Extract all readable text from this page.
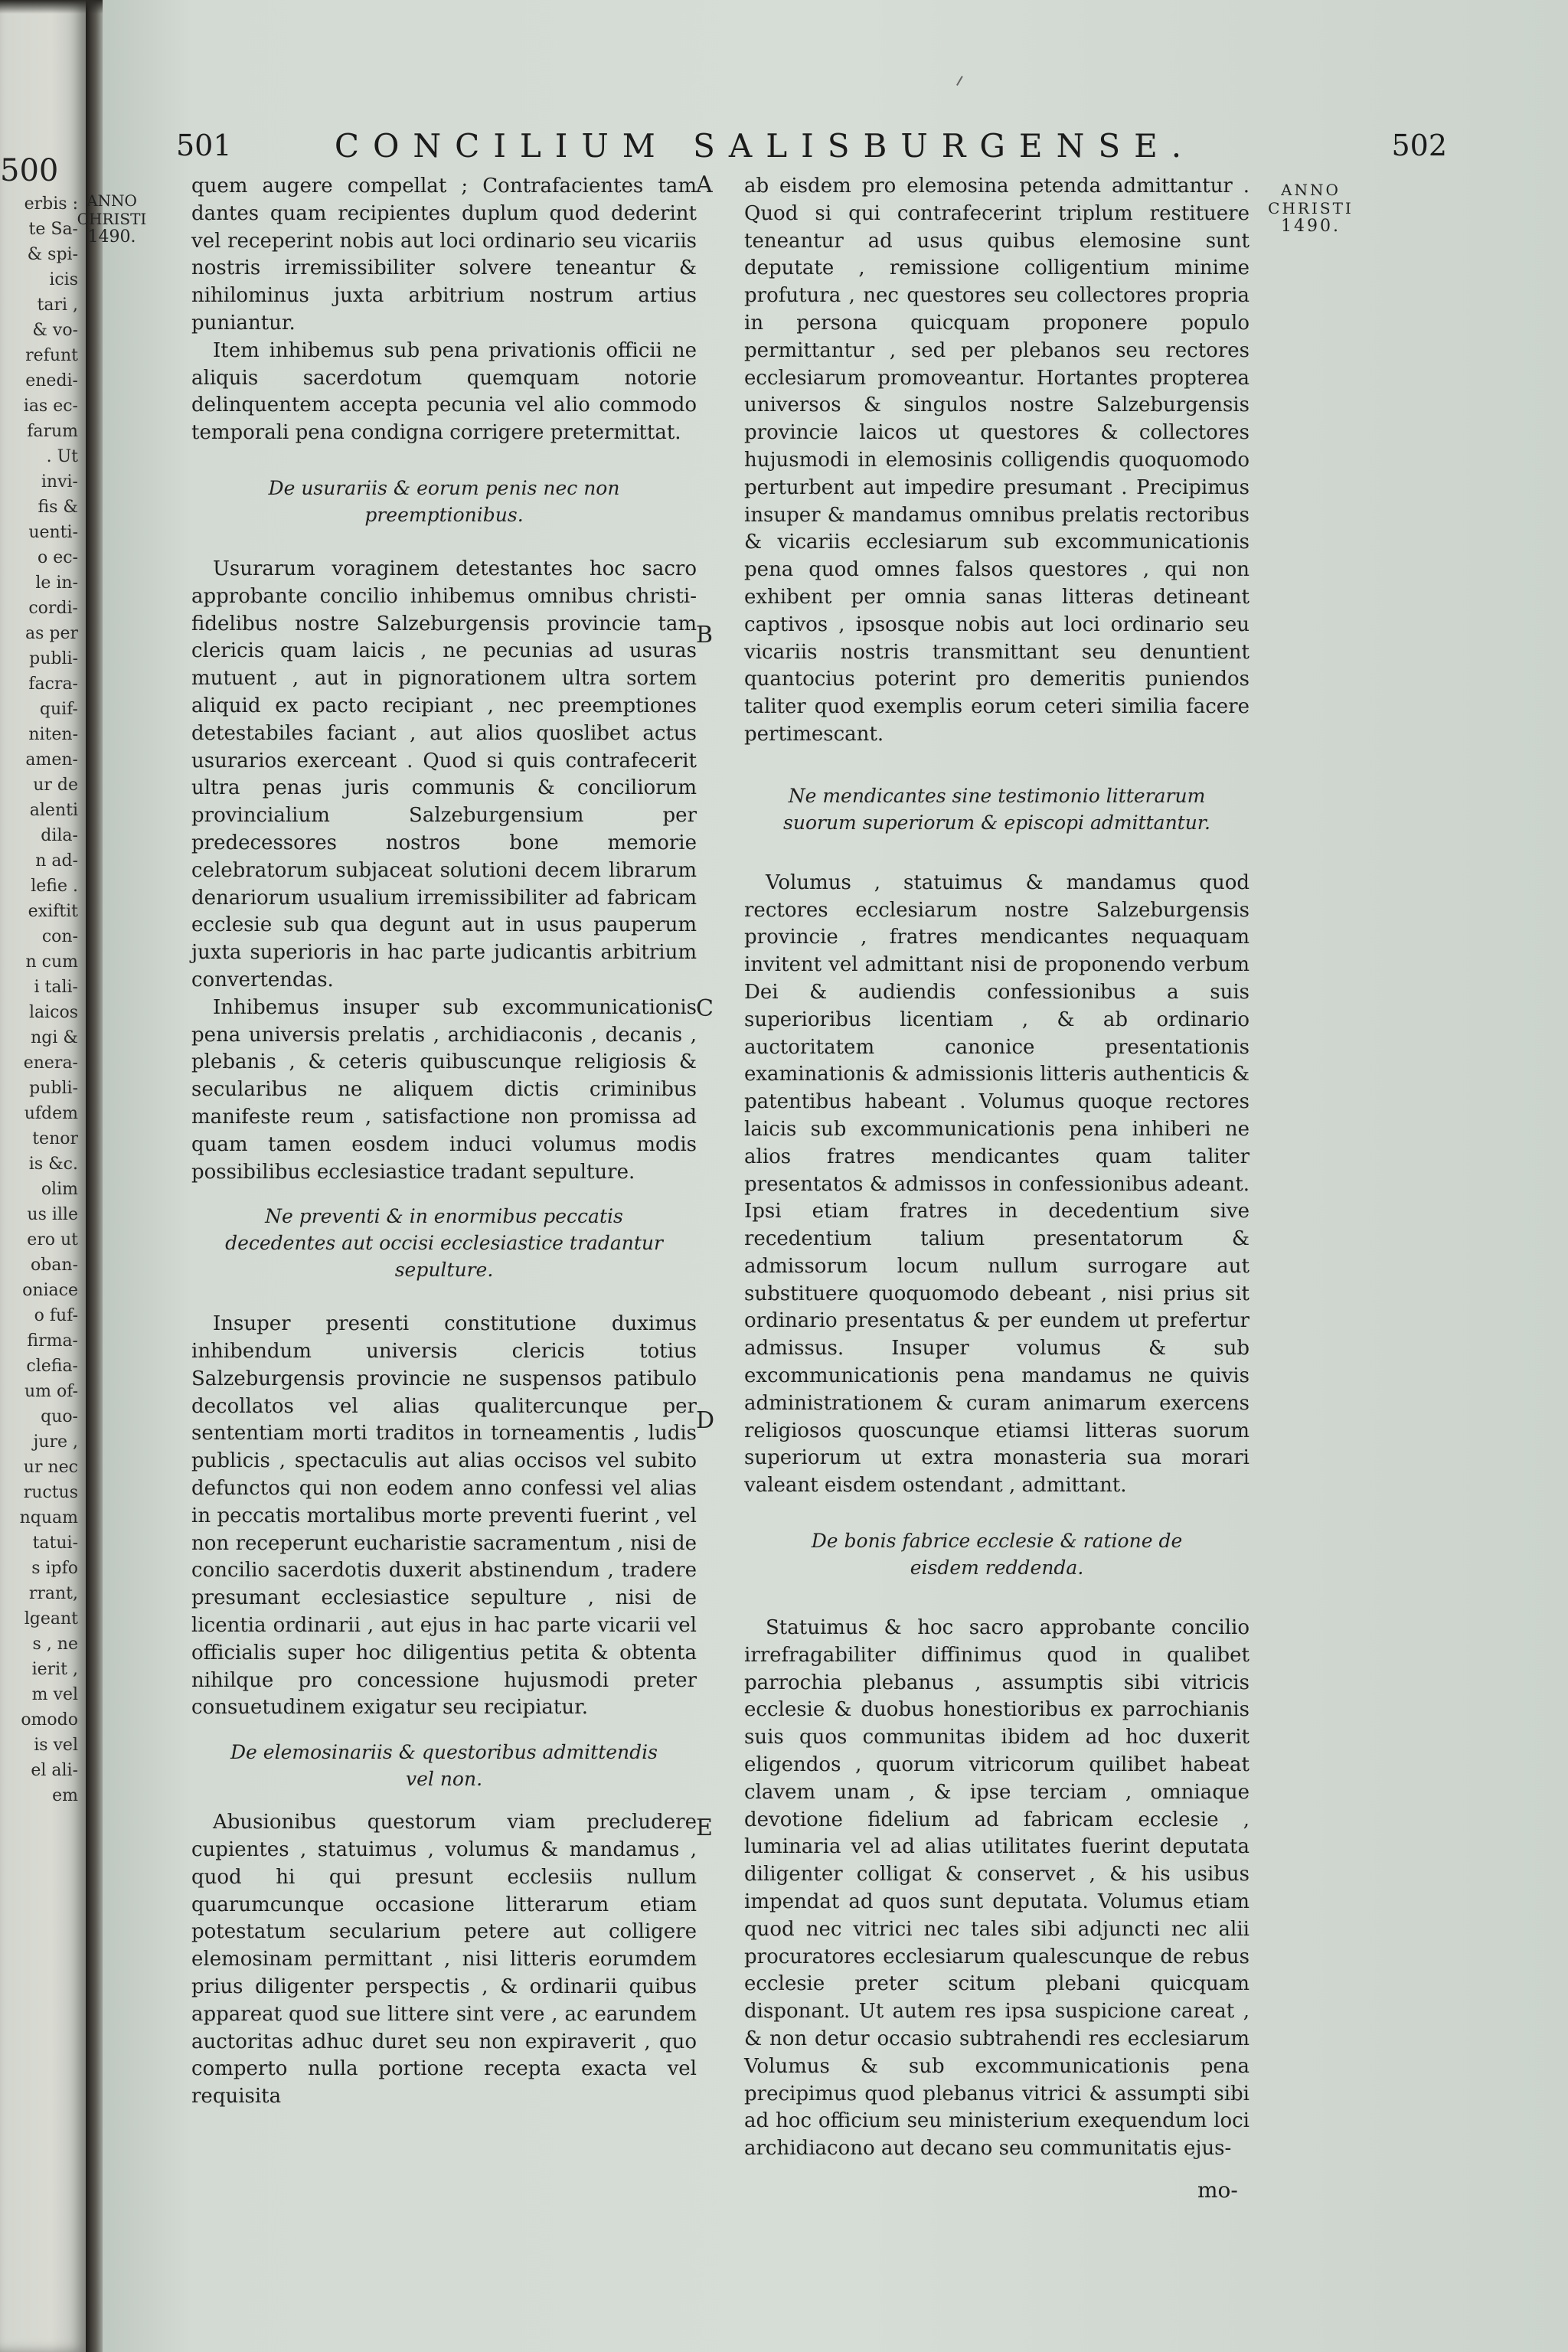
500
erbis :
te Sa-
& spi-
icis
tari ,
& vo-
refunt
enedi-
ias ec-
farum
. Ut
invi-
fis &
uenti-
o ec-
le in-
cordi-
as per
publi-
facra-
quif-
niten-
amen-
ur de
alenti
dila-
n ad-
lefie .
exiftit
con-
n cum
i tali-
laicos
ngi &
enera-
publi-
ufdem
tenor
is &c.
olim
us ille
ero ut
oban-
oniace
o fuf-
firma-
clefia-
um of-
quo-
jure ,
ur nec
ructus
nquam
tatui-
s ipfo
rrant,
lgeant
s , ne
ierit ,
m vel
omodo
is vel
el ali-
em
501	CONCILIUM SALISBURGENSE.	502
ANNO
CHRISTI
1490.
ANNO
CHRISTI
1490.
A
B
C
D
E

quem augere compellat ; Contrafacientes tam dantes quam recipientes duplum quod dederint vel receperint nobis aut loci ordinario seu vicariis nostris irremissibiliter solvere teneantur & nihilominus juxta arbitrium nostrum artius puniantur.

Item inhibemus sub pena privationis officii ne aliquis sacerdotum quemquam notorie delinquentem accepta pecunia vel alio commodo temporali pena condigna corrigere pretermittat.

De usurariis & eorum penis nec non preemptionibus.

Usurarum voraginem detestantes hoc sacro approbante concilio inhibemus omnibus christi-fidelibus nostre Salzeburgensis provincie tam clericis quam laicis , ne pecunias ad usuras mutuent , aut in pignorationem ultra sortem aliquid ex pacto recipiant , nec preemptiones detestabiles faciant , aut alios quoslibet actus usurarios exerceant . Quod si quis contrafecerit ultra penas juris communis & conciliorum provincialium Salzeburgensium per predecessores nostros bone memorie celebratorum subjaceat solutioni decem librarum denariorum usualium irremissibiliter ad fabricam ecclesie sub qua degunt aut in usus pauperum juxta superioris in hac parte judicantis arbitrium convertendas.

Inhibemus insuper sub excommunicationis pena universis prelatis , archidiaconis , decanis , plebanis , & ceteris quibuscunque religiosis & secularibus ne aliquem dictis criminibus manifeste reum , satisfactione non promissa ad quam tamen eosdem induci volumus modis possibilibus ecclesiastice tradant sepulture.

Ne preventi & in enormibus peccatis decedentes aut occisi ecclesiastice tradantur sepulture.

Insuper presenti constitutione duximus inhibendum universis clericis totius Salzeburgensis provincie ne suspensos patibulo decollatos vel alias qualitercunque per sententiam morti traditos in torneamentis , ludis publicis , spectaculis aut alias occisos vel subito defunctos qui non eodem anno confessi vel alias in peccatis mortalibus morte preventi fuerint , vel non receperunt eucharistie sacramentum , nisi de concilio sacerdotis duxerit abstinendum , tradere presumant ecclesiastice sepulture , nisi de licentia ordinarii , aut ejus in hac parte vicarii vel officialis super hoc diligentius petita & obtenta nihilque pro concessione hujusmodi preter consuetudinem exigatur seu recipiatur.

De elemosinariis & questoribus admittendis vel non.

Abusionibus questorum viam precludere cupientes , statuimus , volumus & mandamus , quod hi qui presunt ecclesiis nullum quarumcunque occasione litterarum etiam potestatum secularium petere aut colligere elemosinam permittant , nisi litteris eorumdem prius diligenter perspectis , & ordinarii quibus appareat quod sue littere sint vere , ac earundem auctoritas adhuc duret seu non expiraverit , quo comperto nulla portione recepta exacta vel requisita

ab eisdem pro elemosina petenda admittantur . Quod si qui contrafecerint triplum restituere teneantur ad usus quibus elemosine sunt deputate , remissione colligentium minime profutura , nec questores seu collectores propria in persona quicquam proponere populo permittantur , sed per plebanos seu rectores ecclesiarum promoveantur. Hortantes propterea universos & singulos nostre Salzeburgensis provincie laicos ut questores & collectores hujusmodi in elemosinis colligendis quoquomodo perturbent aut impedire presumant . Precipimus insuper & mandamus omnibus prelatis rectoribus & vicariis ecclesiarum sub excommunicationis pena quod omnes falsos questores , qui non exhibent per omnia sanas litteras detineant captivos , ipsosque nobis aut loci ordinario seu vicariis nostris transmittant seu denuntient quantocius poterint pro demeritis puniendos taliter quod exemplis eorum ceteri similia facere pertimescant.

Ne mendicantes sine testimonio litterarum suorum superiorum & episcopi admittantur.

Volumus , statuimus & mandamus quod rectores ecclesiarum nostre Salzeburgensis provincie , fratres mendicantes nequaquam invitent vel admittant nisi de proponendo verbum Dei & audiendis confessionibus a suis superioribus licentiam , & ab ordinario auctoritatem canonice presentationis examinationis & admissionis litteris authenticis & patentibus habeant . Volumus quoque rectores laicis sub excommunicationis pena inhiberi ne alios fratres mendicantes quam taliter presentatos & admissos in confessionibus adeant. Ipsi etiam fratres in decedentium sive recedentium talium presentatorum & admissorum locum nullum surrogare aut substituere quoquomodo debeant , nisi prius sit ordinario presentatus & per eundem ut prefertur admissus. Insuper volumus & sub excommunicationis pena mandamus ne quivis administrationem & curam animarum exercens religiosos quoscunque etiamsi litteras suorum superiorum ut extra monasteria sua morari valeant eisdem ostendant , admittant.

De bonis fabrice ecclesie & ratione de eisdem reddenda.

Statuimus & hoc sacro approbante concilio irrefragabiliter diffinimus quod in qualibet parrochia plebanus , assumptis sibi vitricis ecclesie & duobus honestioribus ex parrochianis suis quos communitas ibidem ad hoc duxerit eligendos , quorum vitricorum quilibet habeat clavem unam , & ipse terciam , omniaque devotione fidelium ad fabricam ecclesie , luminaria vel ad alias utilitates fuerint deputata diligenter colligat & conservet , & his usibus impendat ad quos sunt deputata. Volumus etiam quod nec vitrici nec tales sibi adjuncti nec alii procuratores ecclesiarum qualescunque de rebus ecclesie preter scitum plebani quicquam disponant. Ut autem res ipsa suspicione careat , & non detur occasio subtrahendi res ecclesiarum Volumus & sub excommunicationis pena precipimus quod plebanus vitrici & assumpti sibi ad hoc officium seu ministerium exequendum loci archidiacono aut decano seu communitatis ejus-

mo-
